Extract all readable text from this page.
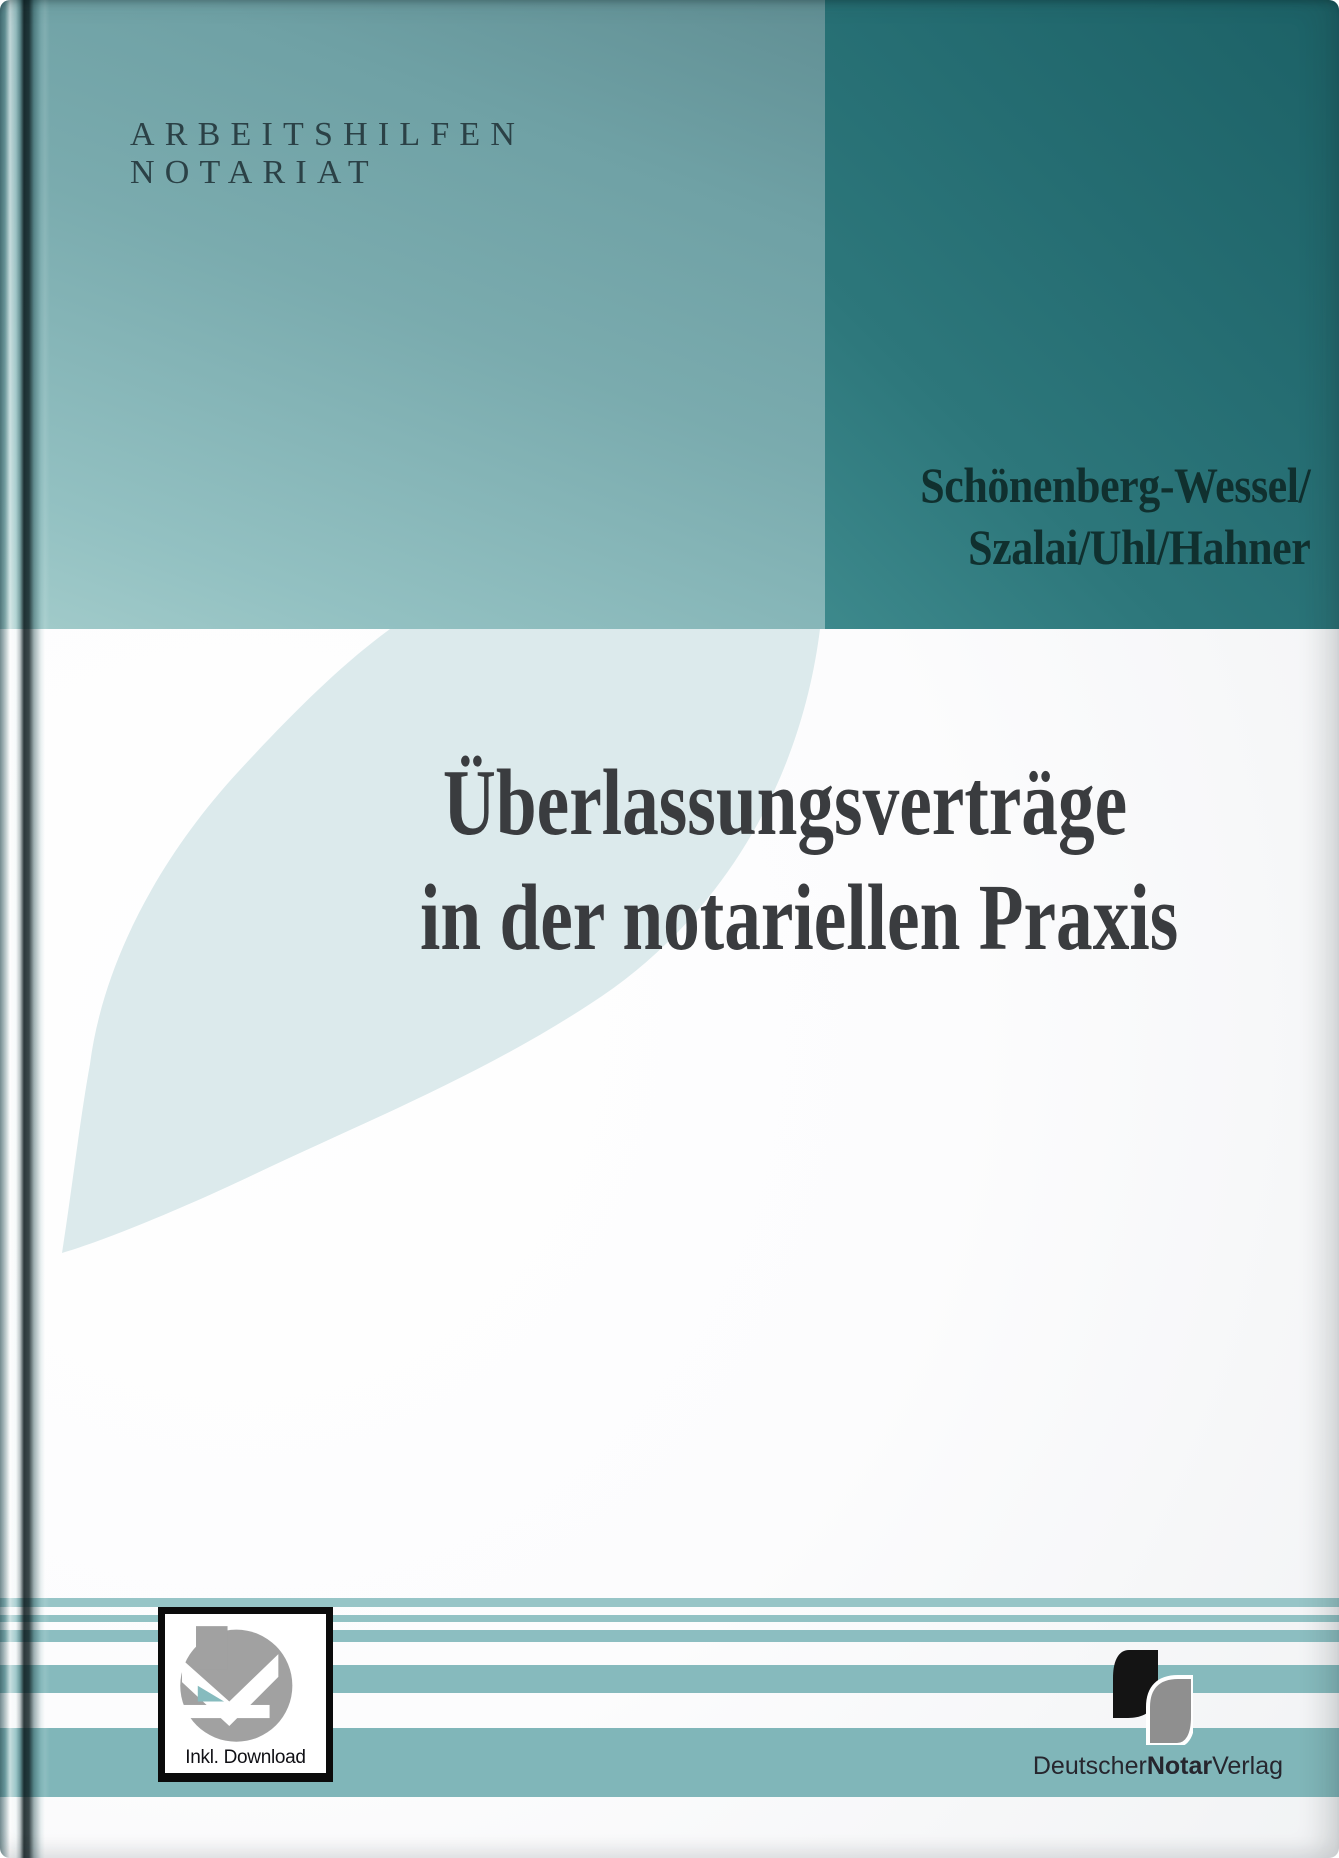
ARBEITSHILFEN
NOTARIAT
Schönenberg-Wessel/
Szalai/Uhl/Hahner
Überlassungsverträge
in der notariellen Praxis
Inkl. Download	DeutscherNotarVerlag
